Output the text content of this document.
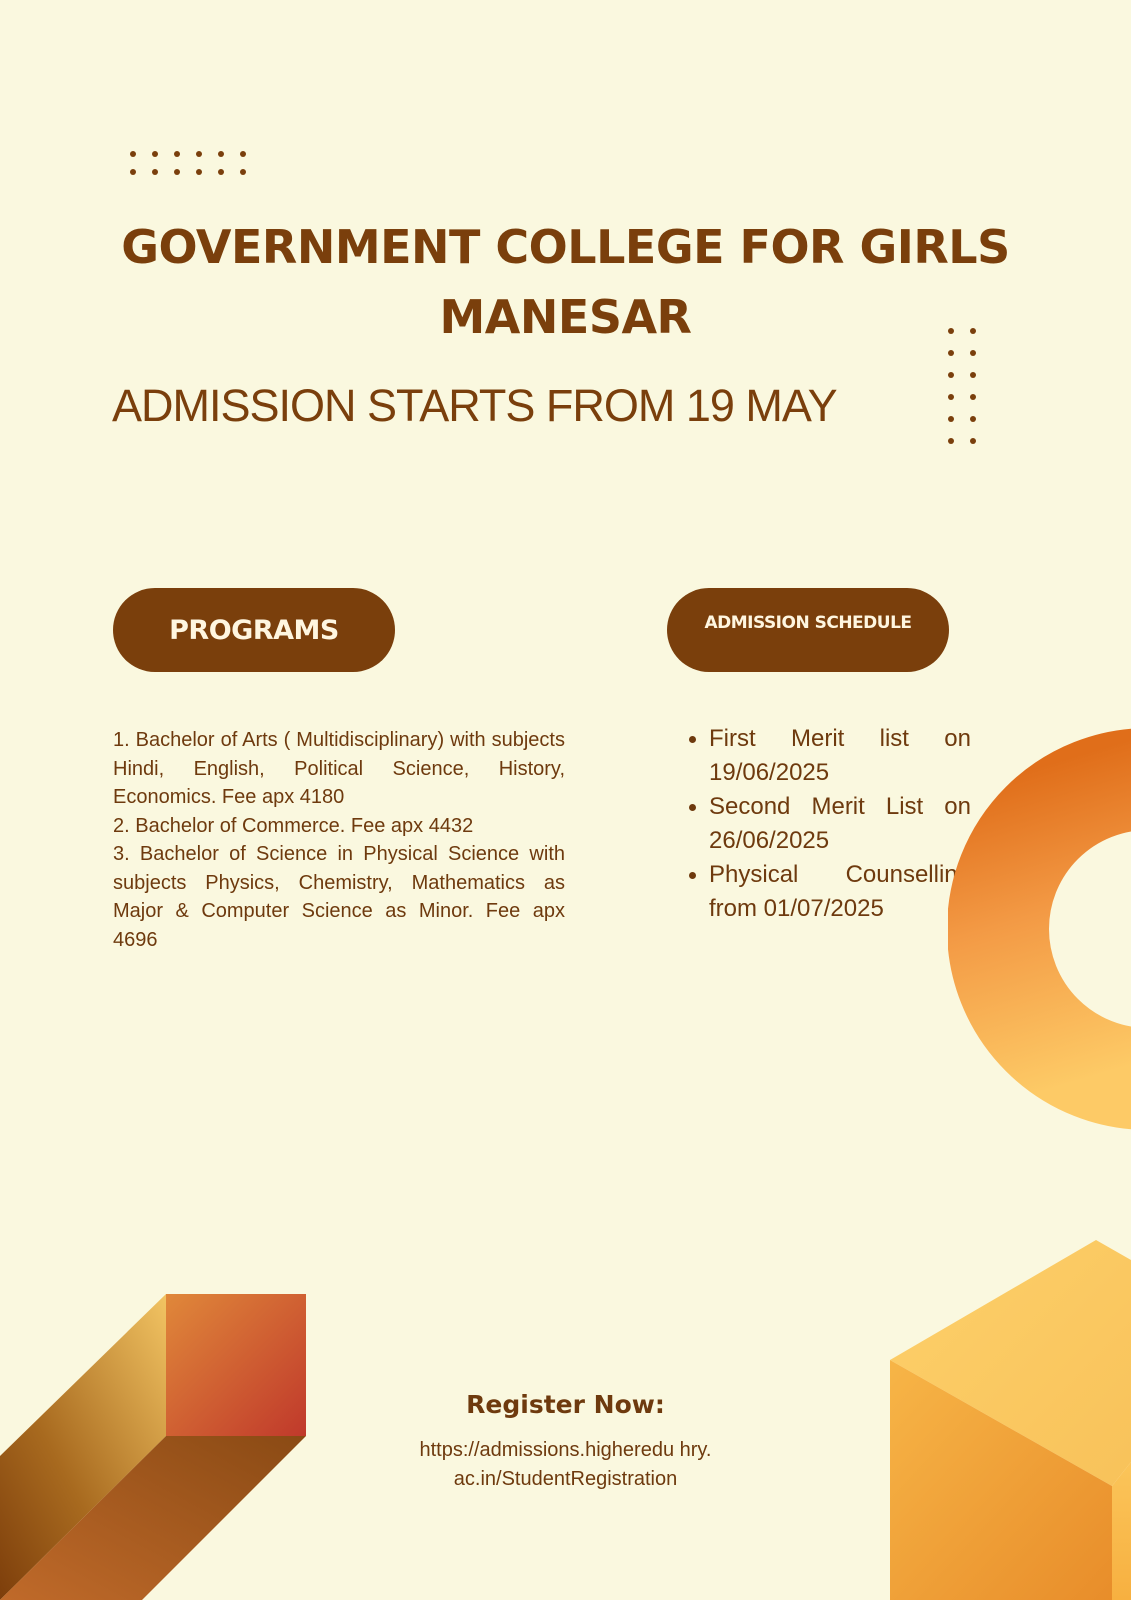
GOVERNMENT COLLEGE FOR GIRLS
MANESAR
ADMISSION STARTS FROM 19 MAY
PROGRAMS	ADMISSION SCHEDULE

1. Bachelor of Arts ( Multidisciplinary) with subjects Hindi, English, Political Science, History, Economics. Fee apx 4180

2. Bachelor of Commerce. Fee apx 4432

3. Bachelor of Science in Physical Science with subjects Physics, Chemistry, Mathematics as Major & Computer Science as Minor. Fee apx 4696

First Merit list on 19/06/2025
Second Merit List on 26/06/2025
Physical Counselling from 01/07/2025
Register Now:
https://admissions.higheredu hry.ac.in/StudentRegistration
